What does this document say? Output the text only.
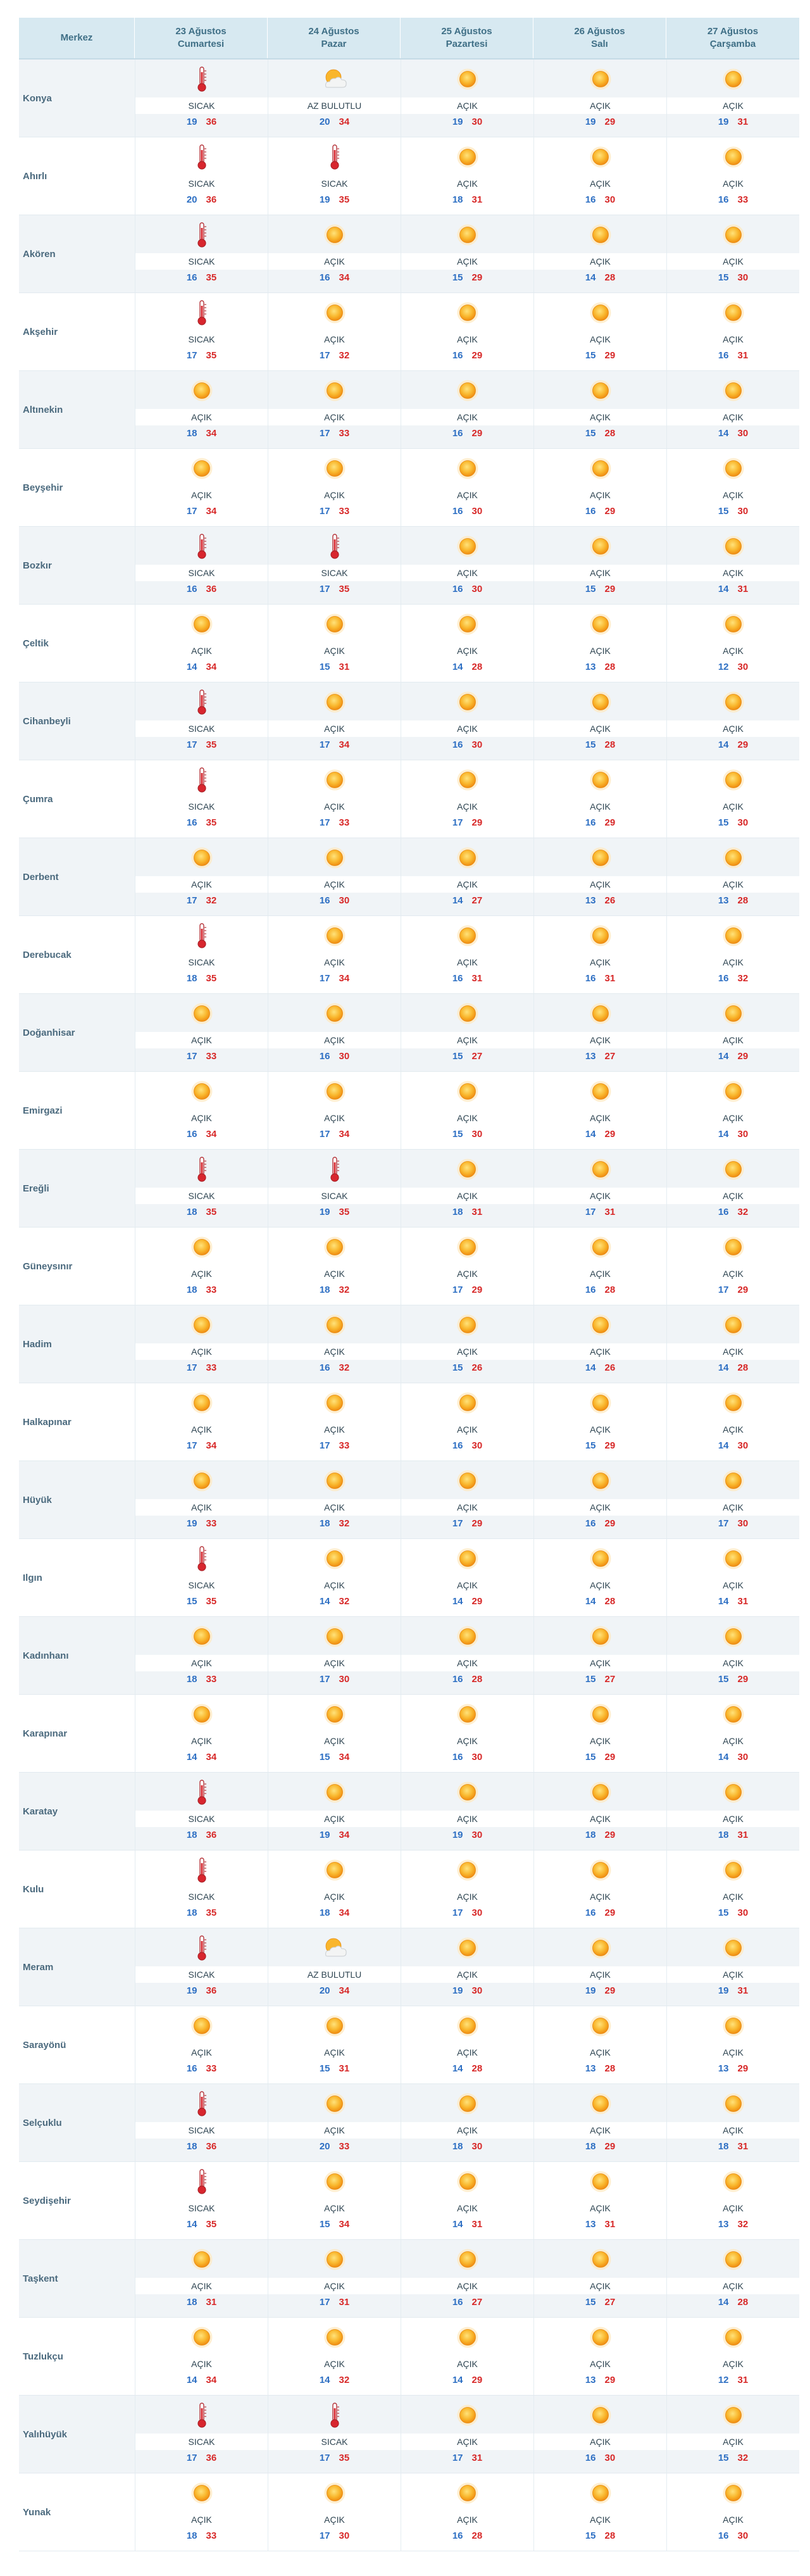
Merkez
23 Ağustos
Cumartesi
24 Ağustos
Pazar
25 Ağustos
Pazartesi
26 Ağustos
Salı
27 Ağustos
Çarşamba
Konya
SICAK
19 36
AZ BULUTLU
20 34
AÇIK
19 30
AÇIK
19 29
AÇIK
19 31
Ahırlı
SICAK
20 36
SICAK
19 35
AÇIK
18 31
AÇIK
16 30
AÇIK
16 33
Akören
SICAK
16 35
AÇIK
16 34
AÇIK
15 29
AÇIK
14 28
AÇIK
15 30
Akşehir
SICAK
17 35
AÇIK
17 32
AÇIK
16 29
AÇIK
15 29
AÇIK
16 31
Altınekin
AÇIK
18 34
AÇIK
17 33
AÇIK
16 29
AÇIK
15 28
AÇIK
14 30
Beyşehir
AÇIK
17 34
AÇIK
17 33
AÇIK
16 30
AÇIK
16 29
AÇIK
15 30
Bozkır
SICAK
16 36
SICAK
17 35
AÇIK
16 30
AÇIK
15 29
AÇIK
14 31
Çeltik
AÇIK
14 34
AÇIK
15 31
AÇIK
14 28
AÇIK
13 28
AÇIK
12 30
Cihanbeyli
SICAK
17 35
AÇIK
17 34
AÇIK
16 30
AÇIK
15 28
AÇIK
14 29
Çumra
SICAK
16 35
AÇIK
17 33
AÇIK
17 29
AÇIK
16 29
AÇIK
15 30
Derbent
AÇIK
17 32
AÇIK
16 30
AÇIK
14 27
AÇIK
13 26
AÇIK
13 28
Derebucak
SICAK
18 35
AÇIK
17 34
AÇIK
16 31
AÇIK
16 31
AÇIK
16 32
Doğanhisar
AÇIK
17 33
AÇIK
16 30
AÇIK
15 27
AÇIK
13 27
AÇIK
14 29
Emirgazi
AÇIK
16 34
AÇIK
17 34
AÇIK
15 30
AÇIK
14 29
AÇIK
14 30
Ereğli
SICAK
18 35
SICAK
19 35
AÇIK
18 31
AÇIK
17 31
AÇIK
16 32
Güneysınır
AÇIK
18 33
AÇIK
18 32
AÇIK
17 29
AÇIK
16 28
AÇIK
17 29
Hadim
AÇIK
17 33
AÇIK
16 32
AÇIK
15 26
AÇIK
14 26
AÇIK
14 28
Halkapınar
AÇIK
17 34
AÇIK
17 33
AÇIK
16 30
AÇIK
15 29
AÇIK
14 30
Hüyük
AÇIK
19 33
AÇIK
18 32
AÇIK
17 29
AÇIK
16 29
AÇIK
17 30
Ilgın
SICAK
15 35
AÇIK
14 32
AÇIK
14 29
AÇIK
14 28
AÇIK
14 31
Kadınhanı
AÇIK
18 33
AÇIK
17 30
AÇIK
16 28
AÇIK
15 27
AÇIK
15 29
Karapınar
AÇIK
14 34
AÇIK
15 34
AÇIK
16 30
AÇIK
15 29
AÇIK
14 30
Karatay
SICAK
18 36
AÇIK
19 34
AÇIK
19 30
AÇIK
18 29
AÇIK
18 31
Kulu
SICAK
18 35
AÇIK
18 34
AÇIK
17 30
AÇIK
16 29
AÇIK
15 30
Meram
SICAK
19 36
AZ BULUTLU
20 34
AÇIK
19 30
AÇIK
19 29
AÇIK
19 31
Sarayönü
AÇIK
16 33
AÇIK
15 31
AÇIK
14 28
AÇIK
13 28
AÇIK
13 29
Selçuklu
SICAK
18 36
AÇIK
20 33
AÇIK
18 30
AÇIK
18 29
AÇIK
18 31
Seydişehir
SICAK
14 35
AÇIK
15 34
AÇIK
14 31
AÇIK
13 31
AÇIK
13 32
Taşkent
AÇIK
18 31
AÇIK
17 31
AÇIK
16 27
AÇIK
15 27
AÇIK
14 28
Tuzlukçu
AÇIK
14 34
AÇIK
14 32
AÇIK
14 29
AÇIK
13 29
AÇIK
12 31
Yalıhüyük
SICAK
17 36
SICAK
17 35
AÇIK
17 31
AÇIK
16 30
AÇIK
15 32
Yunak
AÇIK
18 33
AÇIK
17 30
AÇIK
16 28
AÇIK
15 28
AÇIK
16 30
